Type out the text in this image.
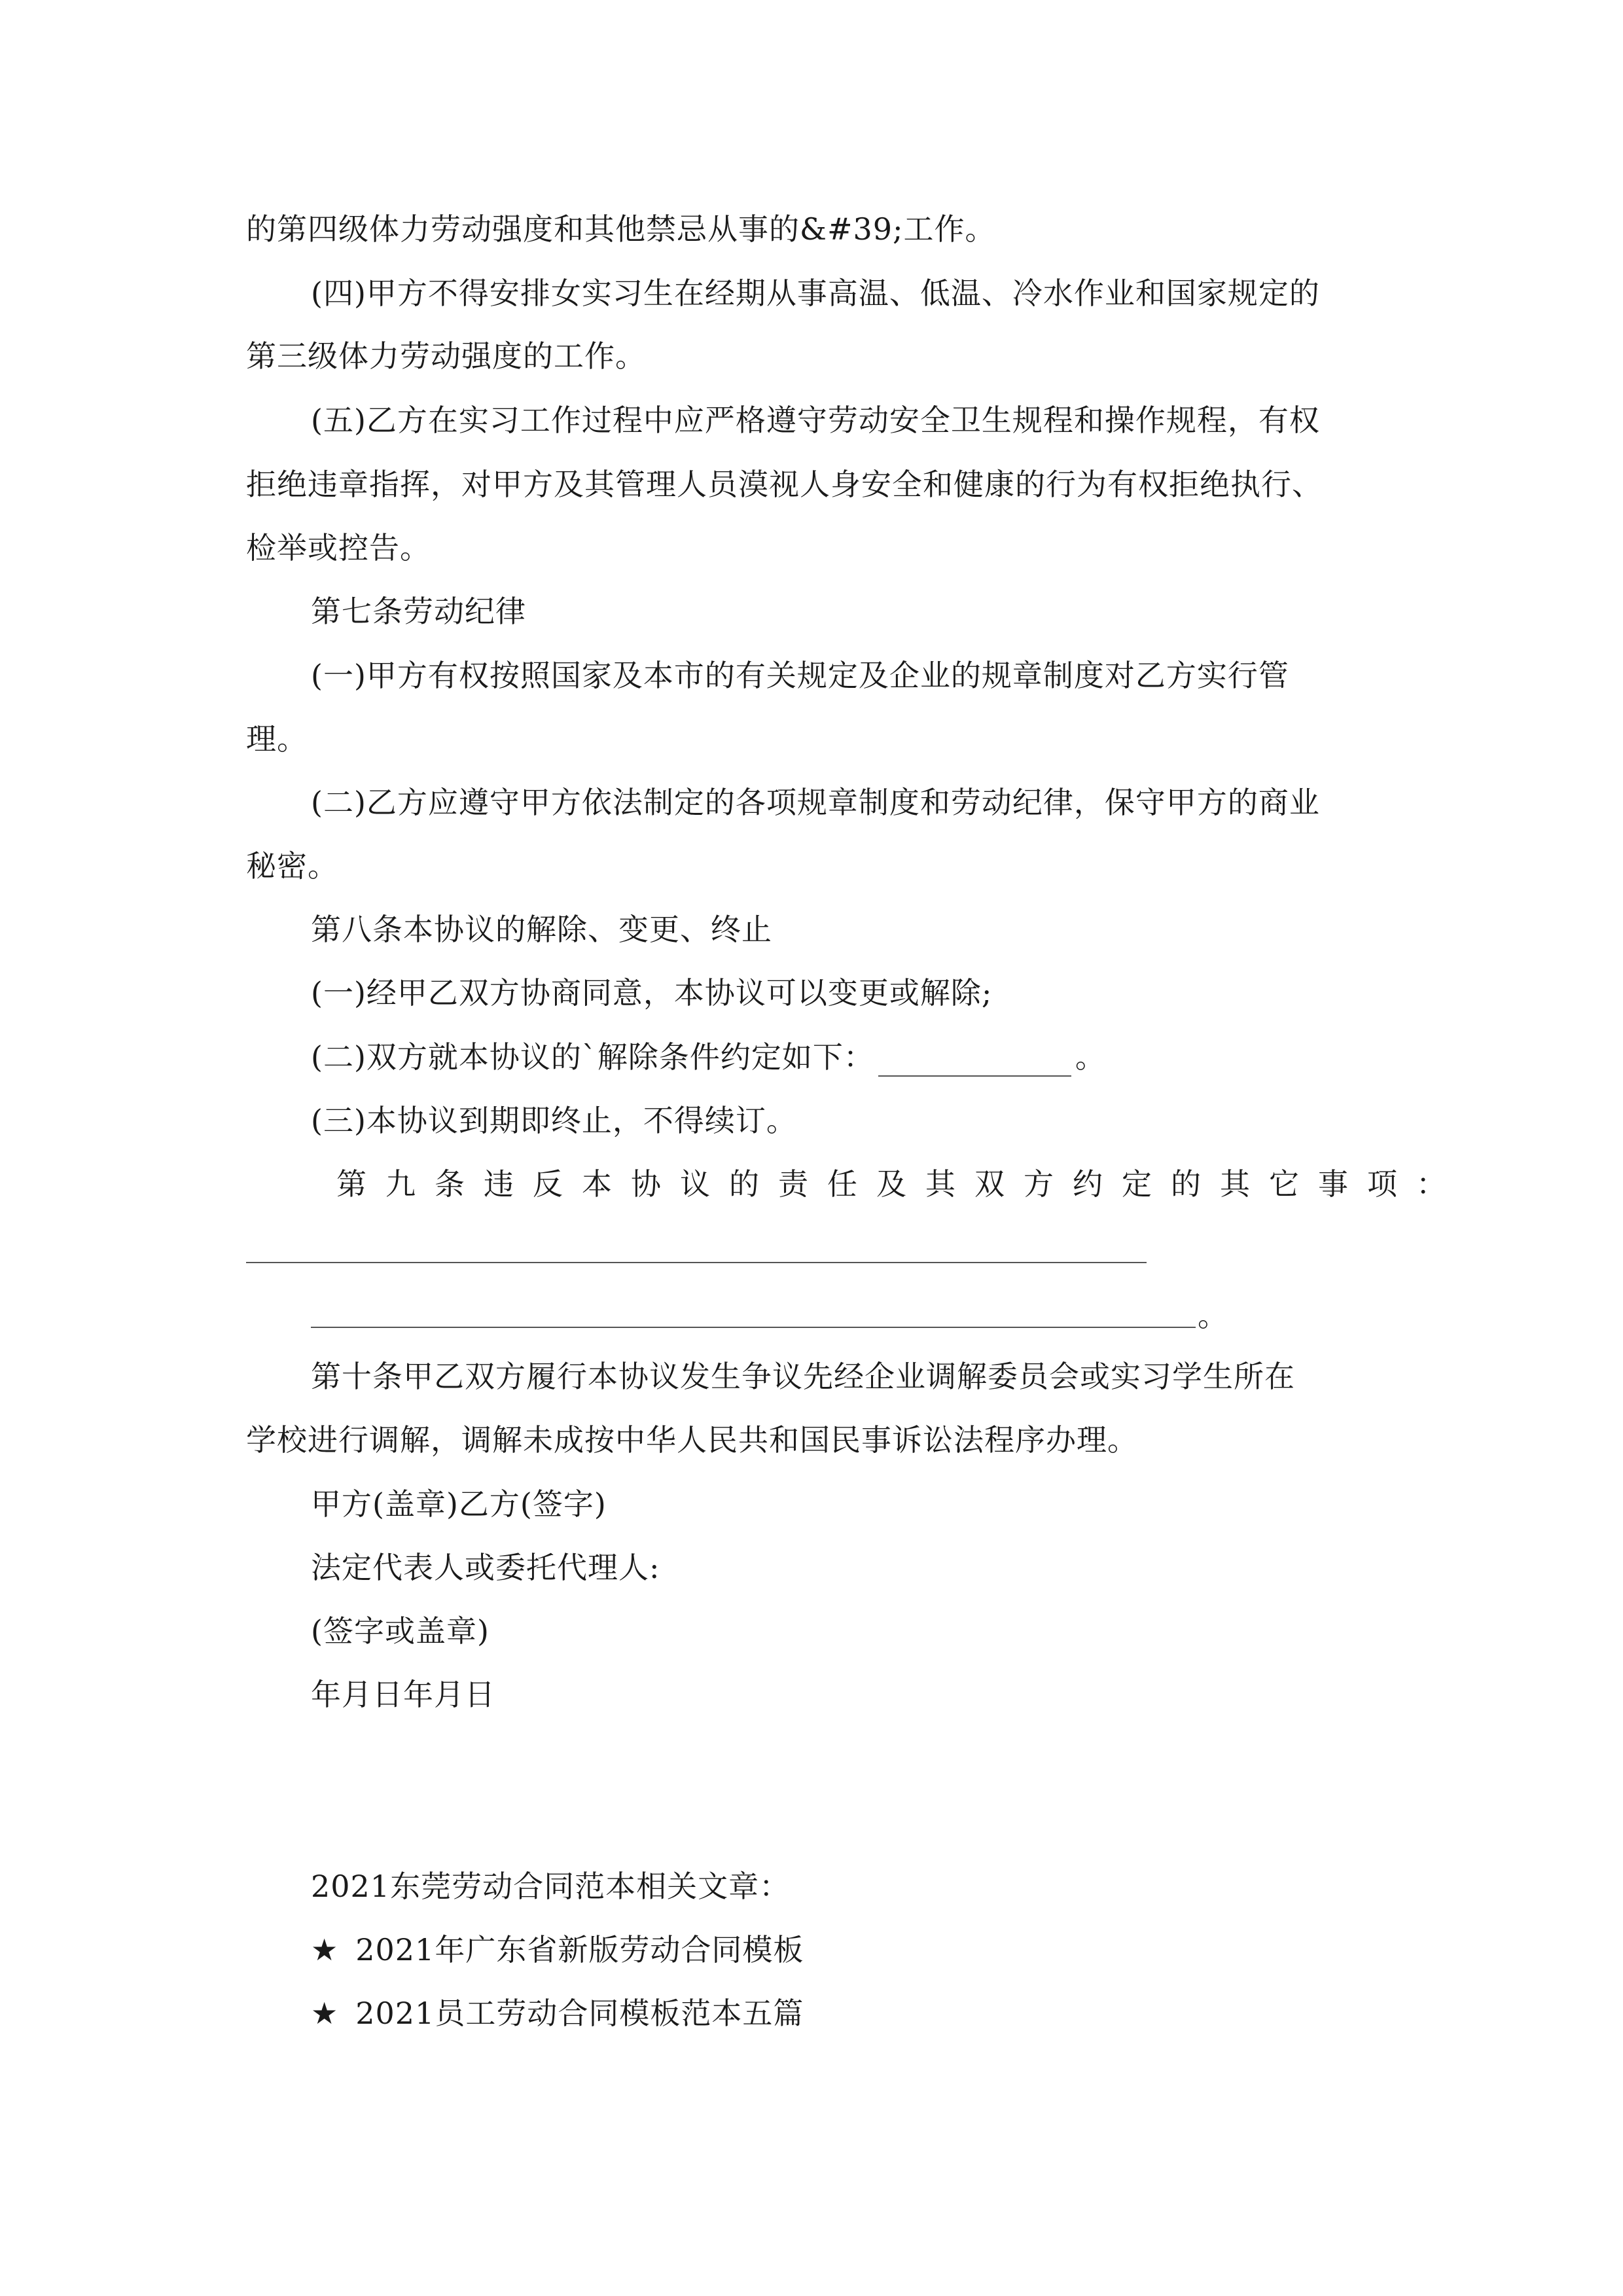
的第四级体力劳动强度和其他禁忌从事的&#39;工作。
(四)甲方不得安排女实习生在经期从事高温、低温、冷水作业和国家规定的
第三级体力劳动强度的工作。
(五)乙方在实习工作过程中应严格遵守劳动安全卫生规程和操作规程，有权
拒绝违章指挥，对甲方及其管理人员漠视人身安全和健康的行为有权拒绝执行、
检举或控告。
第七条劳动纪律
(一)甲方有权按照国家及本市的有关规定及企业的规章制度对乙方实行管
理。
(二)乙方应遵守甲方依法制定的各项规章制度和劳动纪律，保守甲方的商业
秘密。
第八条本协议的解除、变更、终止
(一)经甲乙双方协商同意，本协议可以变更或解除;
(二)双方就本协议的`解除条件约定如下：	。
(三)本协议到期即终止，不得续订。
第九条违反本协议的责任及其双方约定的其它事项：
。
第十条甲乙双方履行本协议发生争议先经企业调解委员会或实习学生所在
学校进行调解，调解未成按中华人民共和国民事诉讼法程序办理。
甲方(盖章)乙方(签字)
法定代表人或委托代理人:
(签字或盖章)
年月日年月日
2021东莞劳动合同范本相关文章：
★ 2021年广东省新版劳动合同模板
★ 2021员工劳动合同模板范本五篇
